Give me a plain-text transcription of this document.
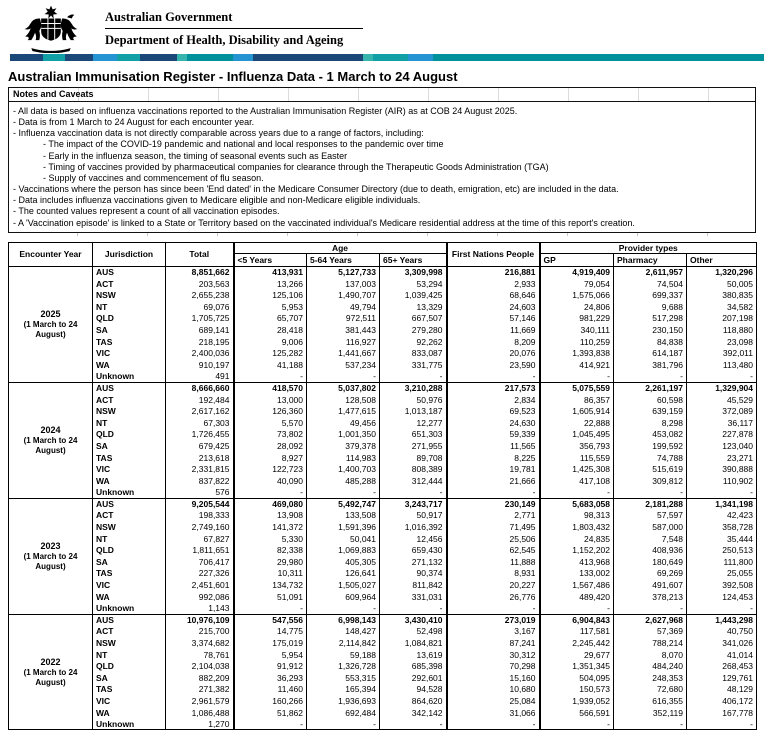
Australian Government
Department of Health, Disability and Ageing
Australian Immunisation Register - Influenza Data - 1 March to 24 August
Notes and Caveats
- All data is based on influenza vaccinations reported to the Australian Immunisation Register (AIR) as at COB 24 August 2025.
- Data is from 1 March to 24 August for each encounter year.
- Influenza vaccination data is not directly comparable across years due to a range of factors, including:
- The impact of the COVID-19 pandemic and national and local responses to the pandemic over time
- Early in the influenza season, the timing of seasonal events such as Easter
- Timing of vaccines provided by pharmaceutical companies for clearance through the Therapeutic Goods Administration (TGA)
- Supply of vaccines and commencement of flu season.
- Vaccinations where the person has since been 'End dated' in the Medicare Consumer Directory (due to death, emigration, etc) are included in the data.
- Data includes influenza vaccinations given to Medicare eligible and non-Medicare eligible individuals.
- The counted values represent a count of all vaccination episodes.
- A 'Vaccination episode' is linked to a State or Territory based on the vaccinated individual's Medicare residential address at the time of this report's creation.
Encounter Year	Jurisdiction	Total	Age			First Nations People	Provider types		
			<5 Years	5-64 Years	65+ Years		GP	Pharmacy	Other

2025
(1 March to 24 August)	AUS	8,851,662	413,931	5,127,733	3,309,998	216,881	4,919,409	2,611,957	1,320,296
	ACT	203,563	13,266	137,003	53,294	2,933	79,054	74,504	50,005
	NSW	2,655,238	125,106	1,490,707	1,039,425	68,646	1,575,066	699,337	380,835
	NT	69,076	5,953	49,794	13,329	24,603	24,806	9,688	34,582
	QLD	1,705,725	65,707	972,511	667,507	57,146	981,229	517,298	207,198
	SA	689,141	28,418	381,443	279,280	11,669	340,111	230,150	118,880
	TAS	218,195	9,006	116,927	92,262	8,209	110,259	84,838	23,098
	VIC	2,400,036	125,282	1,441,667	833,087	20,076	1,393,838	614,187	392,011
	WA	910,197	41,188	537,234	331,775	23,590	414,921	381,796	113,480
	Unknown	491	-	-	-	-	-	-	-

2024
(1 March to 24 August)	AUS	8,666,660	418,570	5,037,802	3,210,288	217,573	5,075,559	2,261,197	1,329,904
	ACT	192,484	13,000	128,508	50,976	2,834	86,357	60,598	45,529
	NSW	2,617,162	126,360	1,477,615	1,013,187	69,523	1,605,914	639,159	372,089
	NT	67,303	5,570	49,456	12,277	24,630	22,888	8,298	36,117
	QLD	1,726,455	73,802	1,001,350	651,303	59,339	1,045,495	453,082	227,878
	SA	679,425	28,092	379,378	271,955	11,565	356,793	199,592	123,040
	TAS	213,618	8,927	114,983	89,708	8,225	115,559	74,788	23,271
	VIC	2,331,815	122,723	1,400,703	808,389	19,781	1,425,308	515,619	390,888
	WA	837,822	40,090	485,288	312,444	21,666	417,108	309,812	110,902
	Unknown	576	-	-	-	-	-	-	-

2023
(1 March to 24 August)	AUS	9,205,544	469,080	5,492,747	3,243,717	230,149	5,683,058	2,181,288	1,341,198
	ACT	198,333	13,908	133,508	50,917	2,771	98,313	57,597	42,423
	NSW	2,749,160	141,372	1,591,396	1,016,392	71,495	1,803,432	587,000	358,728
	NT	67,827	5,330	50,041	12,456	25,506	24,835	7,548	35,444
	QLD	1,811,651	82,338	1,069,883	659,430	62,545	1,152,202	408,936	250,513
	SA	706,417	29,980	405,305	271,132	11,888	413,968	180,649	111,800
	TAS	227,326	10,311	126,641	90,374	8,931	133,002	69,269	25,055
	VIC	2,451,601	134,732	1,505,027	811,842	20,227	1,567,486	491,607	392,508
	WA	992,086	51,091	609,964	331,031	26,776	489,420	378,213	124,453
	Unknown	1,143	-	-	-	-	-	-	-

2022
(1 March to 24 August)	AUS	10,976,109	547,556	6,998,143	3,430,410	273,019	6,904,843	2,627,968	1,443,298
	ACT	215,700	14,775	148,427	52,498	3,167	117,581	57,369	40,750
	NSW	3,374,682	175,019	2,114,842	1,084,821	87,241	2,245,442	788,214	341,026
	NT	78,761	5,954	59,188	13,619	30,312	29,677	8,070	41,014
	QLD	2,104,038	91,912	1,326,728	685,398	70,298	1,351,345	484,240	268,453
	SA	882,209	36,293	553,315	292,601	15,160	504,095	248,353	129,761
	TAS	271,382	11,460	165,394	94,528	10,680	150,573	72,680	48,129
	VIC	2,961,579	160,266	1,936,693	864,620	25,084	1,939,052	616,355	406,172
	WA	1,086,488	51,862	692,484	342,142	31,066	566,591	352,119	167,778
	Unknown	1,270	-	-	-	-	-	-	-
